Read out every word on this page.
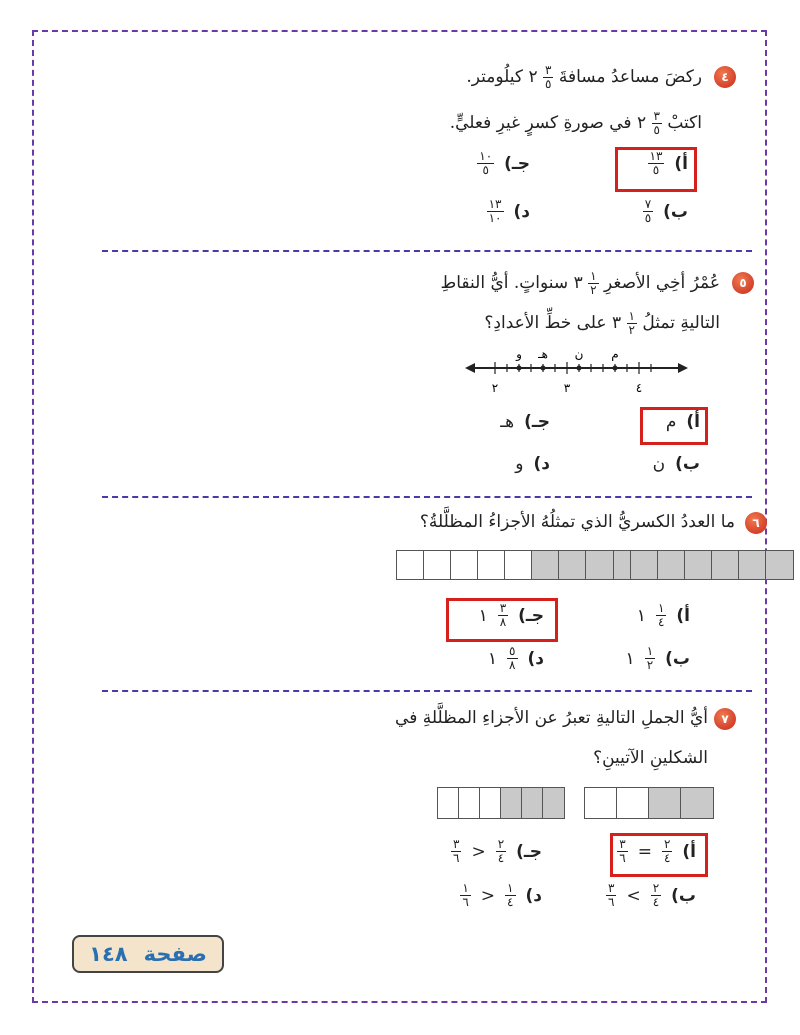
٤
ركضَ مساعدُ مسافةَ
$\frac{٣}{٥}$
٢ كيلُومتر.
اكتبْ
$\frac{٣}{٥}$
٢ في صورةِ كسرٍ غيرِ فعليٍّ.
أ)
$\frac{١٣}{٥}$
ب)
$\frac{٧}{٥}$
جـ)
$\frac{١٠}{٥}$
د)
$\frac{١٣}{١٠}$
٥
عُمْرُ أخِي الأصغرِ
$\frac{١}{٢}$
٣ سنواتٍ. أيُّ النقاطِ
التاليةِ تمثلُ
$\frac{١}{٢}$
٣ على خطِّ الأعدادِ؟
و هـ ن م
٢	٣	٤
أ)
م
ب)
ن
جـ)
هـ
د)
و
٦
ما العددُ الكسريُّ الذي تمثلُهُ الأجزاءُ المظلَّلةُ؟
أ)
$\frac{١}{٤}$
١
ب)
$\frac{١}{٢}$
١
جـ)
$\frac{٣}{٨}$
١
د)
$\frac{٥}{٨}$
١
٧
أيُّ الجملِ التاليةِ تعبرُ عن الأجزاءِ المظلَّلةِ في
الشكلينِ الآتيينِ؟
أ)
$\frac{٢}{٤}$
=
$\frac{٣}{٦}$
ب)
$\frac{٢}{٤}$
>
$\frac{٣}{٦}$
جـ)
$\frac{٢}{٤}$
<
$\frac{٣}{٦}$
د)
$\frac{١}{٤}$
<
$\frac{١}{٦}$
صفحة
١٤٨
